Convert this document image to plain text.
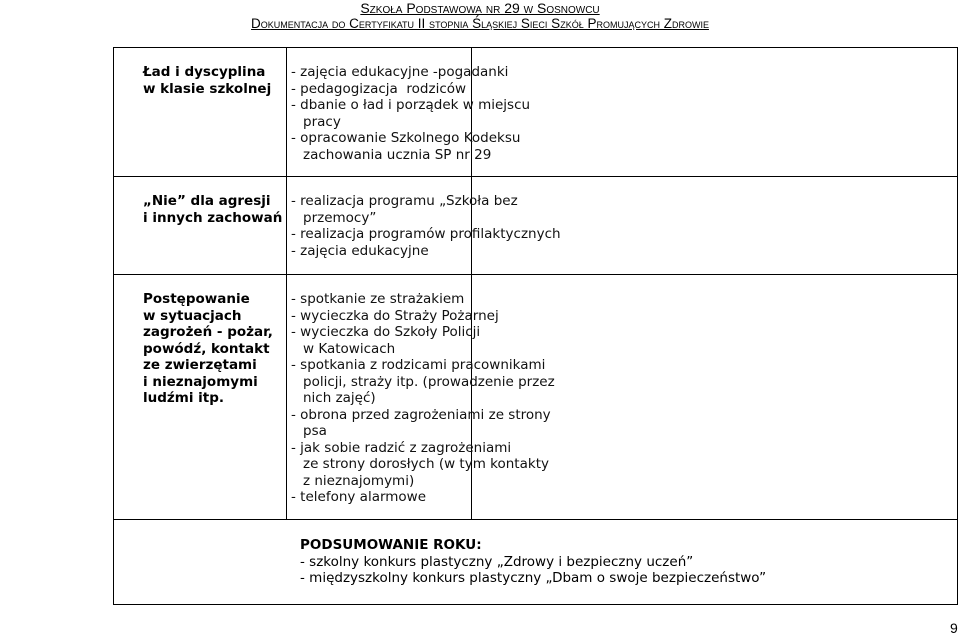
Szkoła Podstawowa nr 29 w Sosnowcu
Dokumentacja do Certyfikatu II stopnia Śląskiej Sieci Szkół Promujących Zdrowie
Ład i dyscyplina
w klasie szkolnej
- zajęcia edukacyjne -pogadanki
- pedagogizacja  rodziców
- dbanie o ład i porządek w miejscu
pracy
- opracowanie Szkolnego Kodeksu
zachowania ucznia SP nr 29
„Nie” dla agresji
i innych zachowań
- realizacja programu „Szkoła bez
przemocy”
- realizacja programów profilaktycznych
- zajęcia edukacyjne
Postępowanie
w sytuacjach
zagrożeń - pożar,
powódź, kontakt
ze zwierzętami
i nieznajomymi
ludźmi itp.
- spotkanie ze strażakiem
- wycieczka do Straży Pożarnej
- wycieczka do Szkoły Policji
w Katowicach
- spotkania z rodzicami pracownikami
policji, straży itp. (prowadzenie przez
nich zajęć)
- obrona przed zagrożeniami ze strony
psa
- jak sobie radzić z zagrożeniami
ze strony dorosłych (w tym kontakty
z nieznajomymi)
- telefony alarmowe
PODSUMOWANIE ROKU:
- szkolny konkurs plastyczny „Zdrowy i bezpieczny uczeń”
- międzyszkolny konkurs plastyczny „Dbam o swoje bezpieczeństwo”
9
